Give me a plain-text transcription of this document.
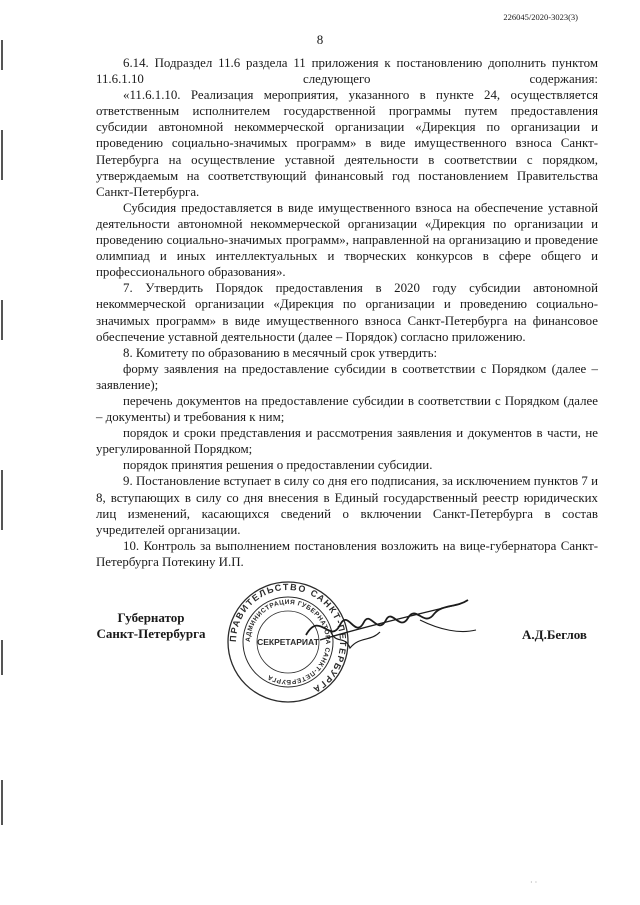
226045/2020-3023(3)
8

6.14. Подраздел 11.6 раздела 11 приложения к постановлению дополнить пунктом 11.6.1.10 следующего содержания:

«11.6.1.10. Реализация мероприятия, указанного в пункте 24, осуществляется ответственным исполнителем государственной программы путем предоставления субсидии автономной некоммерческой организации «Дирекция по организации и проведению социально-значимых программ» в виде имущественного взноса Санкт-Петербурга на осуществление уставной деятельности в соответствии с порядком, утверждаемым на соответствующий финансовый год постановлением Правительства Санкт-Петербурга.

Субсидия предоставляется в виде имущественного взноса на обеспечение уставной деятельности автономной некоммерческой организации «Дирекция по организации и проведению социально-значимых программ», направленной на организацию и проведение олимпиад и иных интеллектуальных и творческих конкурсов в сфере общего и профессионального образования».

7. Утвердить Порядок предоставления в 2020 году субсидии автономной некоммерческой организации «Дирекция по организации и проведению социально-значимых программ» в виде имущественного взноса Санкт-Петербурга на финансовое обеспечение уставной деятельности (далее – Порядок) согласно приложению.

8. Комитету по образованию в месячный срок утвердить:

форму заявления на предоставление субсидии в соответствии с Порядком (далее – заявление);

перечень документов на предоставление субсидии в соответствии с Порядком (далее – документы) и требования к ним;

порядок и сроки представления и рассмотрения заявления и документов в части, не урегулированной Порядком;

порядок принятия решения о предоставлении субсидии.

9. Постановление вступает в силу со дня его подписания, за исключением пунктов 7 и 8, вступающих в силу со дня внесения в Единый государственный реестр юридических лиц изменений, касающихся сведений о включении Санкт-Петербурга в состав учредителей организации.

10. Контроль за выполнением постановления возложить на вице-губернатора Санкт-Петербурга Потекину И.П.

Губернатор
Санкт-Петербурга ПРАВИТЕЛЬСТВО САНКТ-ПЕТЕРБУРГА
АДМИНИСТРАЦИЯ ГУБЕРНАТОРА САНКТ-ПЕТЕРБУРГА
СЕКРЕТАРИАТ	А.Д.Беглов
· ·
